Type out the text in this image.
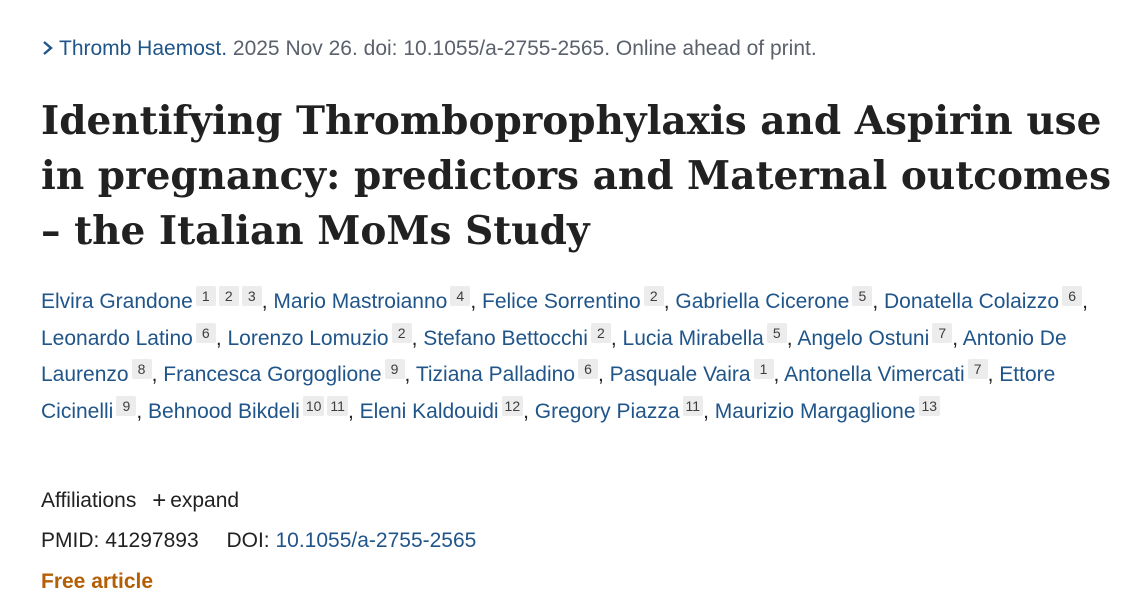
Thromb Haemost. 2025 Nov 26. doi: 10.1055/a-2755-2565. Online ahead of print.
Identifying Thromboprophylaxis and Aspirin use in pregnancy: predictors and Maternal outcomes – the Italian MoMs Study
Elvira Grandone 1 2 3 , Mario Mastroianno 4 , Felice Sorrentino 2 , Gabriella Cicerone 5 , Donatella Colaizzo 6 , Leonardo Latino 6 , Lorenzo Lomuzio 2 , Stefano Bettocchi 2 , Lucia Mirabella 5 , Angelo Ostuni 7 , Antonio De Laurenzo 8 , Francesca Gorgoglione 9 , Tiziana Palladino 6 , Pasquale Vaira 1 , Antonella Vimercati 7 , Ettore Cicinelli 9 , Behnood Bikdeli 10 11 , Eleni Kaldouidi 12 , Gregory Piazza 11 , Maurizio Margaglione 13
Affiliations + expand
PMID: 41297893 DOI: 10.1055/a-2755-2565
Free article
